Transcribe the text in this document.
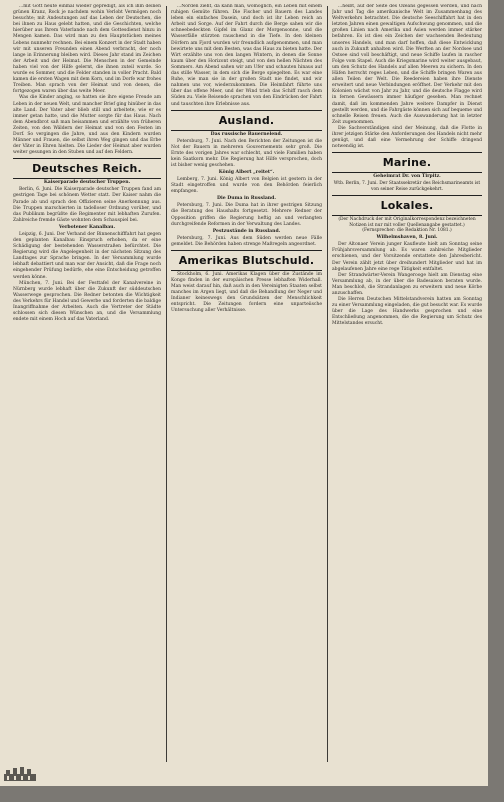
...mit Gott heute einmal wieder gepredigt, als ich ihm deinen grünen Kranz, Rock je nachdem wohin Verlobt Vermögen noch besuchte; mit Andeutungen auf das Leben der Deutschen, die bei ihnen zu Haus gelebt hatten, und die Geschichten, welche hierüber aus Ihrem Vaterlande nach dem Gottesdienst hinzu in Mengen kamen. Das wird man zu den Hauptstücken meines Lebens nunmehr rechnen. Bei einem Konzert in der Stadt haben wir mit unseren Freunden einen Abend verbracht, der noch lange in Erinnerung bleiben wird. Dieses Jahr stand im Zeichen der Arbeit und der Heimat. Die Menschen in der Gemeinde haben viel von der Hilfe gelernt, die ihnen zuteil wurde. So wurde es Sommer, und die Felder standen in voller Pracht. Bald kamen die ersten Wagen mit dem Korn, und im Dorfe war frohes Treiben. Man sprach von der Heimat und von denen, die fortgezogen waren über das weite Meer.

Was die Kinder anging, so hatten sie ihre eigene Freude am Leben in der neuen Welt, und mancher Brief ging hinüber in das alte Land. Der Vater aber blieb still und arbeitete, wie er es immer getan hatte, und die Mutter sorgte für das Haus. Nach dem Abendbrot saß man beisammen und erzählte von früheren Zeiten, von den Wäldern der Heimat und von den Festen im Dorf. So vergingen die Jahre, und aus den Kindern wurden Männer und Frauen, die selbst ihren Weg gingen und das Erbe der Väter in Ehren hielten. Die Lieder der Heimat aber wurden weiter gesungen in den Stuben und auf den Feldern.

Deutsches Reich.
Kaiserparade deutscher Truppen.

Berlin, 6. Juni. Die Kaiserparade deutscher Truppen fand am gestrigen Tage bei schönem Wetter statt. Der Kaiser nahm die Parade ab und sprach den Offizieren seine Anerkennung aus. Die Truppen marschierten in tadelloser Ordnung vorüber, und das Publikum begrüßte die Regimenter mit lebhaften Zurufen. Zahlreiche fremde Gäste wohnten dem Schauspiel bei.

Verbotener Kanalbau.

Leipzig, 6. Juni. Der Verband der Binnenschifffahrt hat gegen den geplanten Kanalbau Einspruch erhoben, da er eine Schädigung der bestehenden Wasserstraßen befürchtet. Die Regierung wird die Angelegenheit in der nächsten Sitzung des Landtages zur Sprache bringen. In der Versammlung wurde lebhaft debattiert und man war der Ansicht, daß die Frage noch eingehender Prüfung bedürfe, ehe eine Entscheidung getroffen werden könne.

München, 7. Juni. Bei der Festtafel der Kanalvereine in Nürnberg wurde lebhaft über die Zukunft der süddeutschen Wasserwege gesprochen. Die Redner betonten die Wichtigkeit des Verkehrs für Handel und Gewerbe und forderten die baldige Inangriffnahme der Arbeiten. Auch die Vertreter der Städte schlossen sich diesen Wünschen an, und die Versammlung endete mit einem Hoch auf das Vaterland.

...Norden zieht, da kann man, womöglich, ein Leben mit einem ruhigen Gemüte führen. Die Fischer und Bauern des Landes leben ein einfaches Dasein, und doch ist ihr Leben reich an Arbeit und Sorge. Auf der Fahrt durch die Berge sahen wir die schneebedeckten Gipfel im Glanz der Morgensonne, und die Wasserfälle stürzten rauschend in die Tiefe. In den kleinen Dörfern am Fjord wurden wir freundlich aufgenommen, und man bewirtete uns mit dem Besten, was das Haus zu bieten hatte. Der Wirt erzählte uns von den langen Wintern, in denen die Sonne kaum über den Horizont steigt, und von den hellen Nächten des Sommers. Am Abend saßen wir am Ufer und schauten hinaus auf das stille Wasser, in dem sich die Berge spiegelten. Es war eine Ruhe, wie man sie in der großen Stadt nie findet, und wir nahmen uns vor, wiederzukommen. Die Heimfahrt führte uns über das offene Meer, und der Wind trieb das Schiff rasch dem Süden zu. Viele Reisende sprachen von den Eindrücken der Fahrt und tauschten ihre Erlebnisse aus.

Ausland.
Das russische Bauernelend.

Petersburg, 7. Juni. Nach den Berichten der Zeitungen ist die Not der Bauern in mehreren Gouvernements sehr groß. Die Ernte des vorigen Jahres war schlecht, und viele Familien haben kein Saatkorn mehr. Die Regierung hat Hilfe versprochen, doch ist bisher wenig geschehen.

König Albert „reitet“.

Lemberg, 7. Juni. König Albert von Belgien ist gestern in der Stadt eingetroffen und wurde von den Behörden feierlich empfangen.

Die Duma in Russland.

Petersburg, 7. Juni. Die Duma hat in ihrer gestrigen Sitzung die Beratung des Haushalts fortgesetzt. Mehrere Redner der Opposition griffen die Regierung heftig an und verlangten durchgreifende Reformen in der Verwaltung des Landes.

Pestzustände in Russland.

Petersburg, 7. Juni. Aus dem Süden werden neue Fälle gemeldet. Die Behörden haben strenge Maßregeln angeordnet.

Amerikas Blutschuld.

Stockholm, 6. Juni. Amerikas Klagen über die Zustände im Kongo finden in der europäischen Presse lebhaften Widerhall. Man weist darauf hin, daß auch in den Vereinigten Staaten selbst manches im Argen liegt, und daß die Behandlung der Neger und Indianer keineswegs den Grundsätzen der Menschlichkeit entspricht. Die Zeitungen fordern eine unparteiische Untersuchung aller Verhältnisse.

...heißt, auf der Seite des Ozeans gegessen werden, und nach Jahr und Tag die amerikanische Welt im Zusammenhang des Weltverkehrs betrachtet. Die deutsche Seeschiffahrt hat in den letzten Jahren einen gewaltigen Aufschwung genommen, und die großen Linien nach Amerika und Asien werden immer stärker befahren. Es ist dies ein Zeichen der wachsenden Bedeutung unseres Handels, und man darf hoffen, daß diese Entwicklung auch in Zukunft anhalten wird. Die Werften an der Nordsee und Ostsee sind voll beschäftigt, und neue Schiffe laufen in rascher Folge vom Stapel. Auch die Kriegsmarine wird weiter ausgebaut, um den Schutz des Handels auf allen Meeren zu sichern. In den Häfen herrscht reges Leben, und die Schiffe bringen Waren aus allen Teilen der Welt. Die Reedereien haben ihre Dienste erweitert und neue Verbindungen eröffnet. Der Verkehr mit den Kolonien wächst von Jahr zu Jahr, und die deutsche Flagge wird in fernen Gewässern immer häufiger gesehen. Man rechnet damit, daß im kommenden Jahre weitere Dampfer in Dienst gestellt werden, und die Fahrgäste können sich auf bequeme und schnelle Reisen freuen. Auch die Auswanderung hat in letzter Zeit zugenommen.

Die Sachverständigen sind der Meinung, daß die Flotte in ihrer jetzigen Stärke den Anforderungen des Handels nicht mehr genügt, und daß eine Vermehrung der Schiffe dringend notwendig ist.

Marine.
Geheimrat Dr. von Tirpitz.
Wtb. Berlin, 7. Juni. Der Staatssekretär des Reichsmarineamts ist von seiner Reise zurückgekehrt.
Lokales.
(Der Nachdruck der mit Originalkorrespondenz bezeichneten Notizen ist nur mit voller Quellenangabe gestattet.) (Fernsprecher: die Redaktion Nr. 1081.)
Wilhelmshaven, 8. Juni.

Der Altonaer Verein junger Kaufleute hielt am Sonntag seine Frühjahrsversammlung ab. Es waren zahlreiche Mitglieder erschienen, und der Vorsitzende erstattete den Jahresbericht. Der Verein zählt jetzt über dreihundert Mitglieder und hat im abgelaufenen Jahre eine rege Tätigkeit entfaltet.

Der Strandwärter-Verein Wangerooge hielt am Dienstag eine Versammlung ab, in der über die Badesaison beraten wurde. Man beschloß, die Strandanlagen zu erweitern und neue Körbe anzuschaffen.

Die Herren Deutschen Mittelstandverein hatten am Sonntag zu einer Versammlung eingeladen, die gut besucht war. Es wurde über die Lage des Handwerks gesprochen und eine Entschließung angenommen, die die Regierung um Schutz des Mittelstandes ersucht.
